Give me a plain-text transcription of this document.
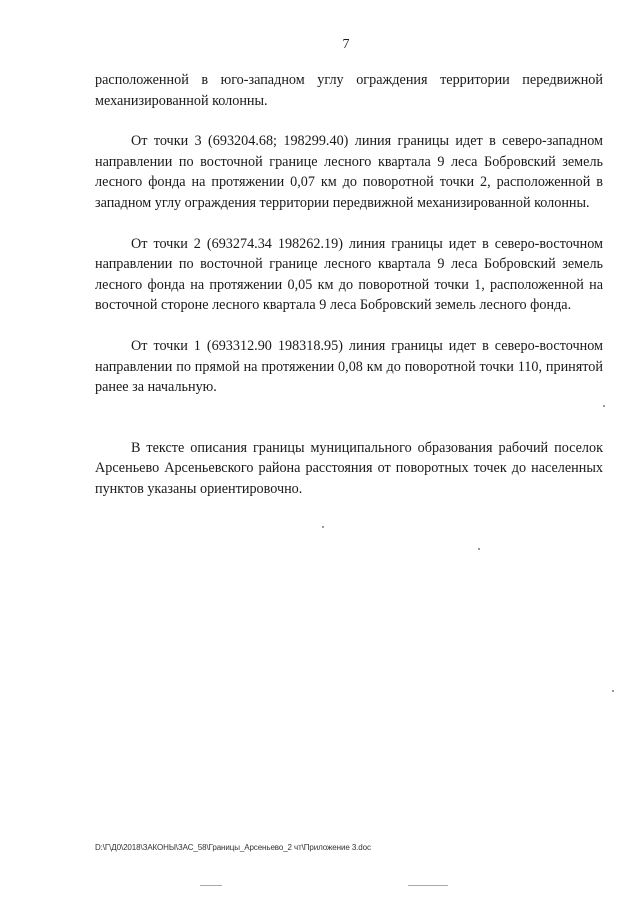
7

расположенной в юго-западном углу ограждения территории передвижной механизированной колонны.

От точки 3 (693204.68; 198299.40) линия границы идет в северо-западном направлении по восточной границе лесного квартала 9 леса Бобровский земель лесного фонда на протяжении 0,07 км до поворотной точки 2, расположенной в западном углу ограждения территории передвижной механизированной колонны.

От точки 2 (693274.34 198262.19) линия границы идет в северо-восточном направлении по восточной границе лесного квартала 9 леса Бобровский земель лесного фонда на протяжении 0,05 км до поворотной точки 1, расположенной на восточной стороне лесного квартала 9 леса Бобровский земель лесного фонда.

От точки 1 (693312.90 198318.95) линия границы идет в северо-восточном направлении по прямой на протяжении 0,08 км до поворотной точки 110, принятой ранее за начальную.

В тексте описания границы муниципального образования рабочий поселок Арсеньево Арсеньевского района расстояния от поворотных точек до населенных пунктов указаны ориентировочно.

D:\Г\Д0\2018\ЗАКОНЫ\ЗАС_58\Границы_Арсеньево_2 чт\Приложение 3.doc
